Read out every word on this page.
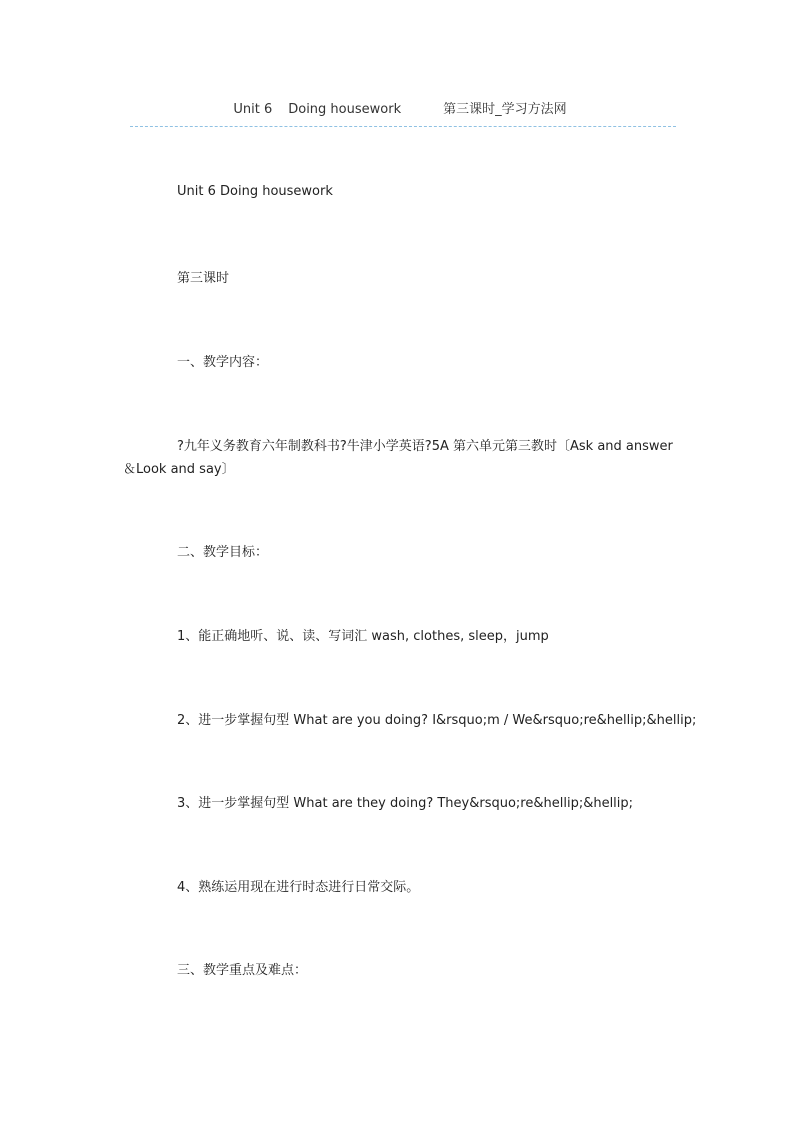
Unit 6 Doing housework	第三课时_学习方法网
Unit 6 Doing housework
第三课时
一、教学内容：
?九年义务教育六年制教科书?牛津小学英语?5A 第六单元第三教时〔Ask and answer
＆Look and say〕
二、教学目标：
1、能正确地听、说、读、写词汇 wash, clothes, sleep，jump
2、进一步掌握句型 What are you doing? I&rsquo;m / We&rsquo;re&hellip;&hellip;
3、进一步掌握句型 What are they doing? They&rsquo;re&hellip;&hellip;
4、熟练运用现在进行时态进行日常交际。
三、教学重点及难点：
